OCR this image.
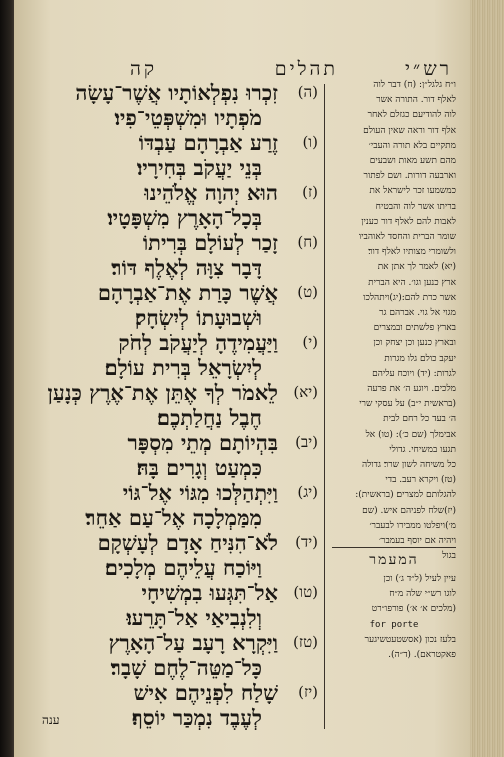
תהלים
קה	רש״י
(ה)
זִכְרוּ נִפְלְאוֹתָיו אֲשֶׁר־עָשָׂה
מֹפְתָיו וּמִשְׁפְּטֵי־פִיו׃
(ו)
זֶרַע אַבְרָהָם עַבְדּוֹ
בְּנֵי יַעֲקֹב בְּחִירָיו׃
(ז)
הוּא יְהוָה אֱלֹהֵינוּ
בְּכָל־הָאָרֶץ מִשְׁפָּטָיו׃
(ח)
זָכַר לְעוֹלָם בְּרִיתוֹ
דָּבָר צִוָּה לְאֶלֶף דּוֹר׃
(ט)
אֲשֶׁר כָּרַת אֶת־אַבְרָהָם
וּשְׁבוּעָתוֹ לְיִשְׂחָק׃
(י)
וַיַּעֲמִידֶהָ לְיַעֲקֹב לְחֹק
לְיִשְׂרָאֵל בְּרִית עוֹלָם׃
(יא)
לֵאמֹר לְךָ אֶתֵּן אֶת־אֶרֶץ כְּנָעַן
חֶבֶל נַחֲלַתְכֶם׃
(יב)
בִּהְיוֹתָם מְתֵי מִסְפָּר
כִּמְעַט וְגָרִים בָּהּ׃
(יג)
וַיִּתְהַלְּכוּ מִגּוֹי אֶל־גּוֹי
מִמַּמְלָכָה אֶל־עַם אַחֵר׃
(יד)
לֹא־הִנִּיחַ אָדָם לְעָשְׁקָם
וַיּוֹכַח עֲלֵיהֶם מְלָכִים׃
(טו)
אַל־תִּגְּעוּ בִמְשִׁיחָי
וְלִנְבִיאַי אַל־תָּרֵעוּ׃
(טז)
וַיִּקְרָא רָעָב עַל־הָאָרֶץ
כָּל־מַטֵּה־לֶחֶם שָׁבָר׃
(יז)
שָׁלַח לִפְנֵיהֶם אִישׁ
לְעֶבֶד נִמְכַּר יוֹסֵף׃
ו״ח גלגל״ן: (ח) דבר לוה
לאלף דור. התורה אשר
לוה להודיעם כגזלם לאחר
אלף דור וראה שאין העולם
מתקיים בלא תורה והעבי׳
מהם תשע מאות ושבעים
וארבעה דורות. ושם לפתור
כמשמעו זכר לישראל את
בריתו אשר לוה והבטיח
לאבות להם לאלף דור כענין
שומר הברית והחסד לאוהביו
ולשומרי מצותיו לאלף דור׃
(יא) לאמר לך אתן את
ארץ כנען וגו׳. היא הברית
אשר כרת להם:(יג)ויתהלכו
מגוי אל גוי. אברהם גר
בארץ פלשתים ובמצרים
ובארץ כנען וכן יצחק וכן
יעקב כולם גלו מגרות
לגרות: (יד) ויוכח עליהם
מלכים. ויוגע ה׳ את פרעה
(בראשית י״ב) על עסקי שרי
ה׳ בעד כל רחם לבית
אבימלך (שם כ׳): (טו) אל
תגעו במשיחי. גדולי
כל משיחה לשון שרר׃ גדולה
(טז) ויקרא רעב. בדי
להגלותם למצרים׃ (בראשית):
(יז)שלח לפניהם איש. (שם
מ׳)ויפלטו ממבירו לבעבר׳
ויהיה אם יוסף בעמבר׳
בגול
המעמר
עיין לעיל (ל״ד ג׳) וכן
לוגו רש״י שלה מ״ח
(מלכים א׳ א׳) פורפו״רט
for porte
בלעז נכון (אסשטעטשיגער
פאקטראם). (ד״ה).
ענה
